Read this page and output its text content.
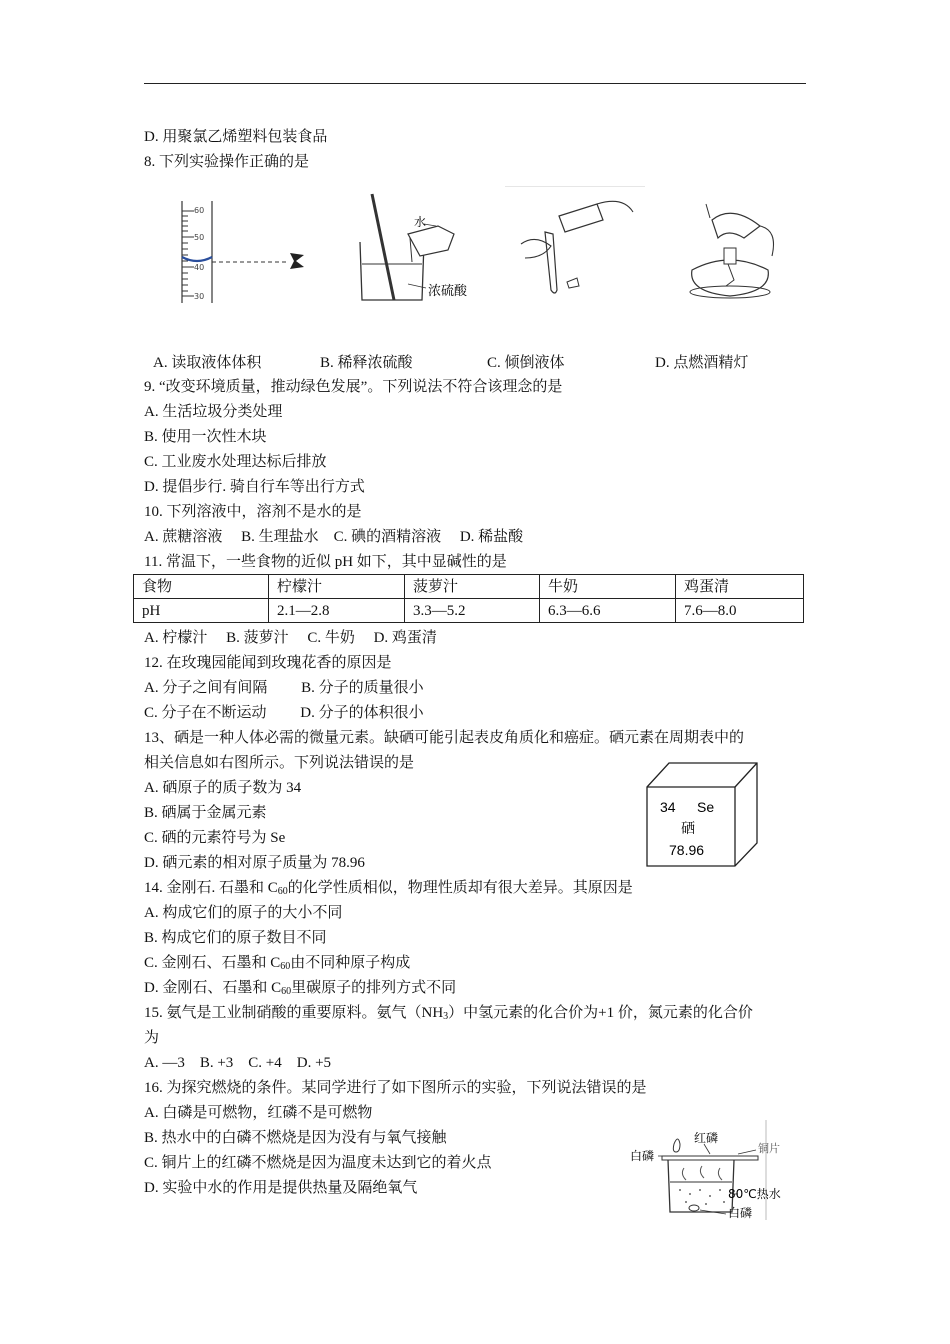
D. 用聚氯乙烯塑料包装食品
8. 下列实验操作正确的是
60
50
40
30
水
浓硫酸
A. 读取液体体积	B. 稀释浓硫酸	C. 倾倒液体	D. 点燃酒精灯
9. “改变环境质量，推动绿色发展”。下列说法不符合该理念的是
A. 生活垃圾分类处理
B. 使用一次性木块
C. 工业废水处理达标后排放
D. 提倡步行. 骑自行车等出行方式
10. 下列溶液中，溶剂不是水的是
A. 蔗糖溶液　 B. 生理盐水　C. 碘的酒精溶液　 D. 稀盐酸
11. 常温下，一些食物的近似 pH 如下，其中显碱性的是
食物	柠檬汁	菠萝汁	牛奶	鸡蛋清
pH	2.1—2.8	3.3—5.2	6.3—6.6	7.6—8.0
A. 柠檬汁　 B. 菠萝汁　 C. 牛奶　 D. 鸡蛋清
12. 在玫瑰园能闻到玫瑰花香的原因是
A. 分子之间有间隔　　 B. 分子的质量很小
C. 分子在不断运动　　 D. 分子的体积很小
13、硒是一种人体必需的微量元素。缺硒可能引起表皮角质化和癌症。硒元素在周期表中的
相关信息如右图所示。下列说法错误的是
A. 硒原子的质子数为 34
B. 硒属于金属元素
C. 硒的元素符号为 Se
D. 硒元素的相对原子质量为 78.96
34 Se
硒
78.96
14. 金刚石. 石墨和 $C_{60}$的化学性质相似，物理性质却有很大差异。其原因是
A. 构成它们的原子的大小不同
B. 构成它们的原子数目不同
C. 金刚石、石墨和 $C_{60}$由不同种原子构成
D. 金刚石、石墨和 $C_{60}$里碳原子的排列方式不同
15. 氨气是工业制硝酸的重要原料。氨气$(NH_3)$中氢元素的化合价为+1 价，氮元素的化合价
为
A. —3　B. +3　C. +4　D. +5
16. 为探究燃烧的条件。某同学进行了如下图所示的实验，下列说法错误的是
A. 白磷是可燃物，红磷不是可燃物
B. 热水中的白磷不燃烧是因为没有与氧气接触
C. 铜片上的红磷不燃烧是因为温度未达到它的着火点
D. 实验中水的作用是提供热量及隔绝氧气
白磷
红磷
铜片
80℃热水
白磷
